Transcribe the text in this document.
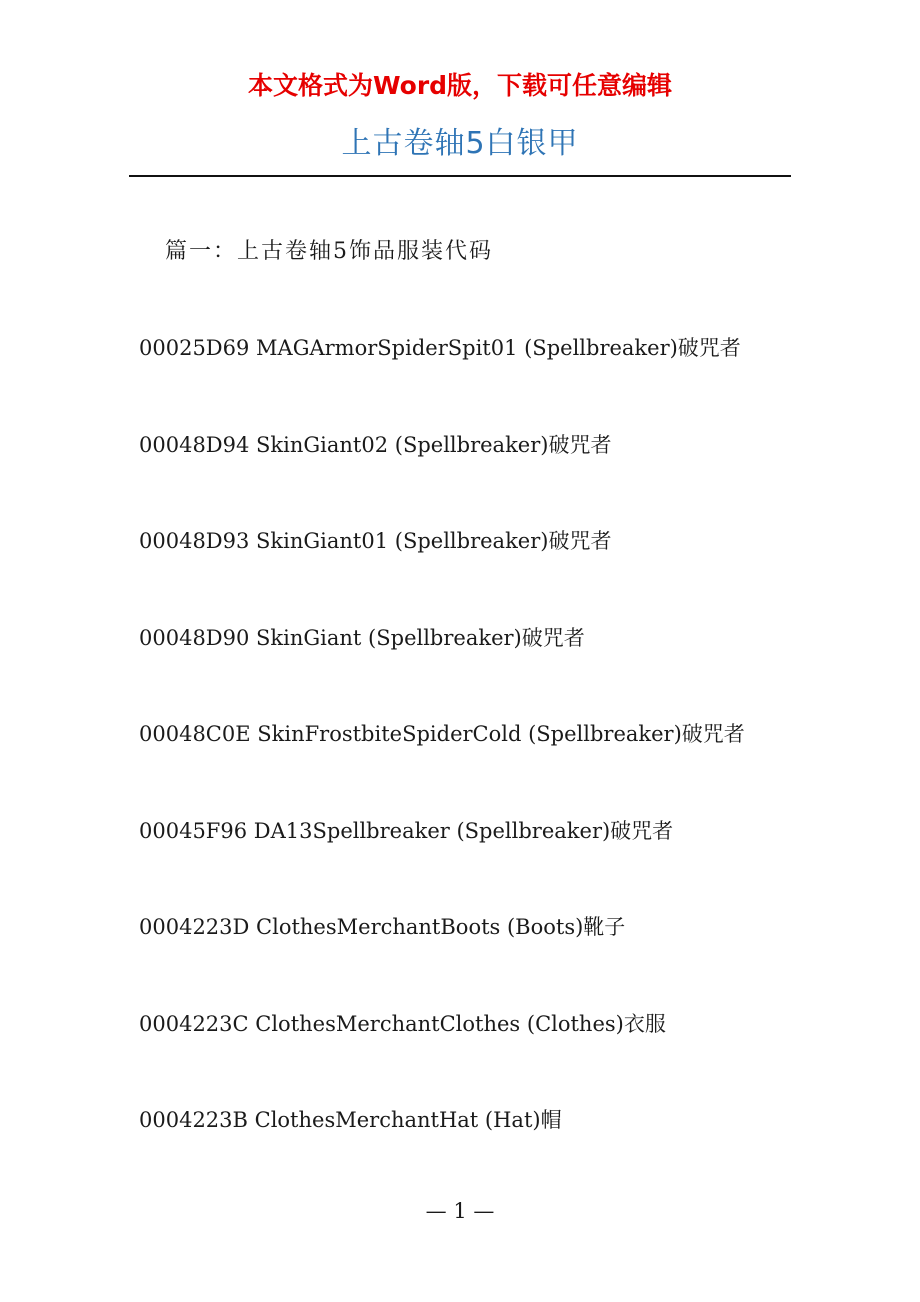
本文格式为Word版，下载可任意编辑
上古卷轴5白银甲
篇一：上古卷轴5饰品服装代码
00025D69 MAGArmorSpiderSpit01 (Spellbreaker)破咒者
00048D94 SkinGiant02 (Spellbreaker)破咒者
00048D93 SkinGiant01 (Spellbreaker)破咒者
00048D90 SkinGiant (Spellbreaker)破咒者
00048C0E SkinFrostbiteSpiderCold (Spellbreaker)破咒者
00045F96 DA13Spellbreaker (Spellbreaker)破咒者
0004223D ClothesMerchantBoots (Boots)靴子
0004223C ClothesMerchantClothes (Clothes)衣服
0004223B ClothesMerchantHat (Hat)帽
— 1 —
